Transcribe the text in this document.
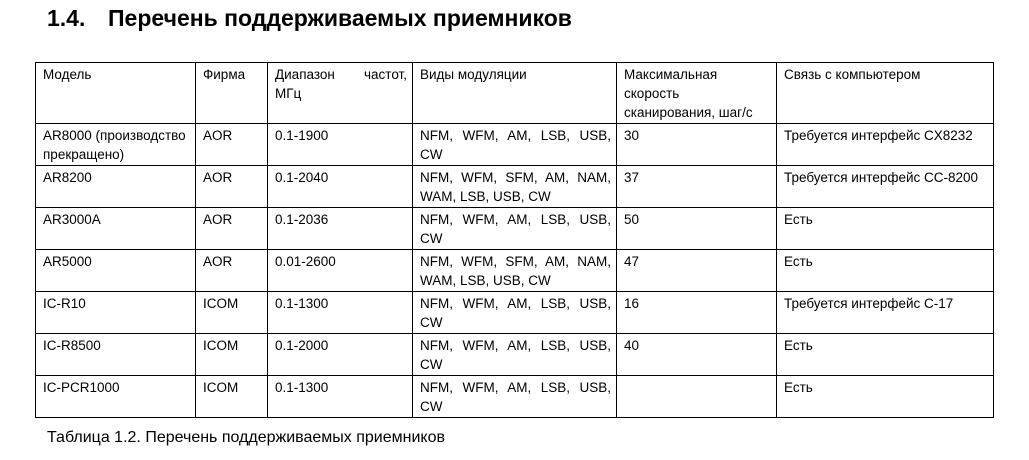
1.4. Перечень поддерживаемых приемников
Модель	Фирма	Диапазон частот, МГц	Виды модуляции	Максимальная скорость сканирования, шаг/с	Связь с компьютером
AR8000 (производство прекращено)	AOR	0.1-1900	NFM, WFM, AM, LSB, USB, CW	30	Требуется интерфейс CX8232
AR8200	AOR	0.1-2040	NFM, WFM, SFM, AM, NAM, WAM, LSB, USB, CW	37	Требуется интерфейс CC-8200
AR3000A	AOR	0.1-2036	NFM, WFM, AM, LSB, USB, CW	50	Есть
AR5000	AOR	0.01-2600	NFM, WFM, SFM, AM, NAM, WAM, LSB, USB, CW	47	Есть
IC-R10	ICOM	0.1-1300	NFM, WFM, AM, LSB, USB, CW	16	Требуется интерфейс С-17
IC-R8500	ICOM	0.1-2000	NFM, WFM, AM, LSB, USB, CW	40	Есть
IC-PCR1000	ICOM	0.1-1300	NFM, WFM, AM, LSB, USB, CW		Есть
Таблица 1.2. Перечень поддерживаемых приемников
